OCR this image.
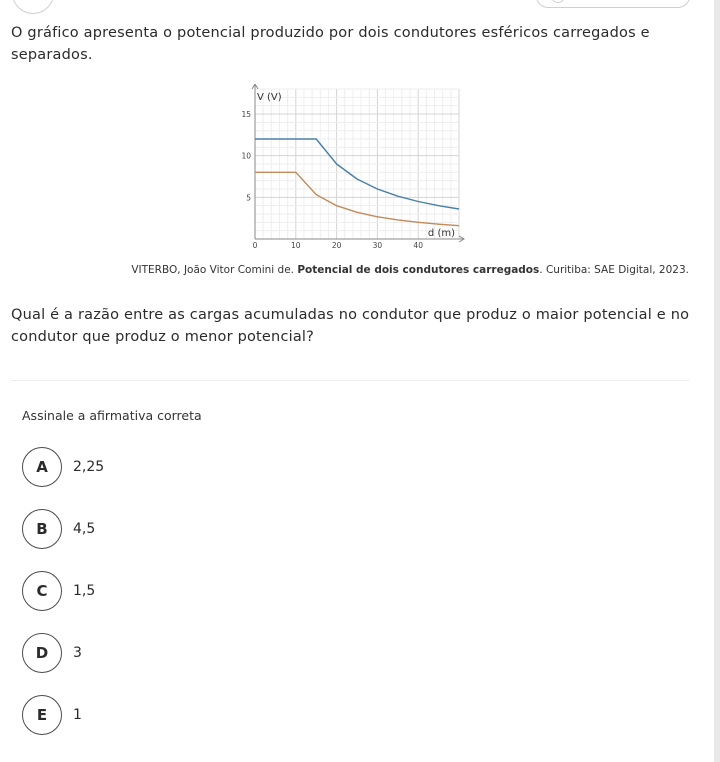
O gráfico apresenta o potencial produzido por dois condutores esféricos carregados e separados.
0	10	20	30	40
5
10
15
V (V)
d (m)
VITERBO, João Vitor Comini de. Potencial de dois condutores carregados. Curitiba: SAE Digital, 2023.
Qual é a razão entre as cargas acumuladas no condutor que produz o maior potencial e no condutor que produz o menor potencial?
Assinale a afirmativa correta
A	2,25
B	4,5
C	1,5
D	3
E	1
